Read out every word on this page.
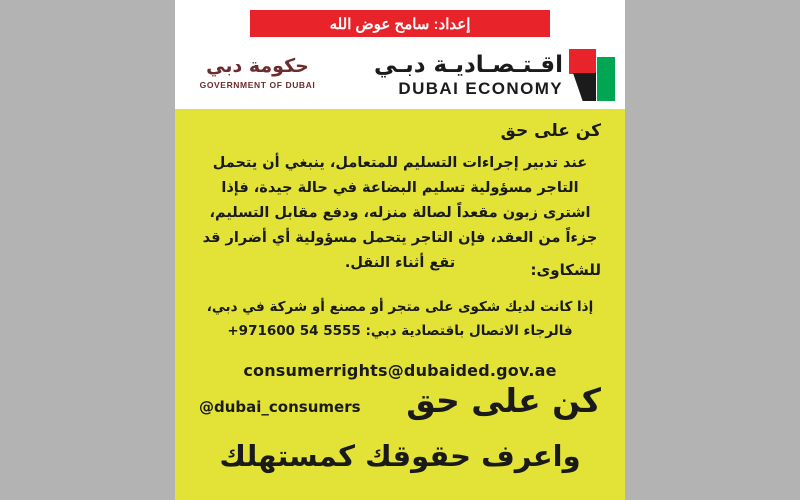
إعداد: سامح عوض الله
حكومة دبي
GOVERNMENT OF DUBAI
اقـتـصـاديـة دبـي
DUBAI ECONOMY
كن على حق
عند تدبير إجراءات التسليم للمتعامل، ينبغي أن يتحمل التاجر مسؤولية تسليم البضاعة في حالة جيدة، فإذا اشترى زبون مقعداً لصالة منزله، ودفع مقابل التسليم، جزءاً من العقد، فإن التاجر يتحمل مسؤولية أي أضرار قد تقع أثناء النقل.	للشكاوى:
إذا كانت لديك شكوى على متجر أو مصنع أو شركة في دبي، فالرجاء الاتصال باقتصادية دبي: 5555 54 971600+
consumerrights@dubaided.gov.ae
@dubai_consumers كن على حق
واعرف حقوقك كمستهلك
